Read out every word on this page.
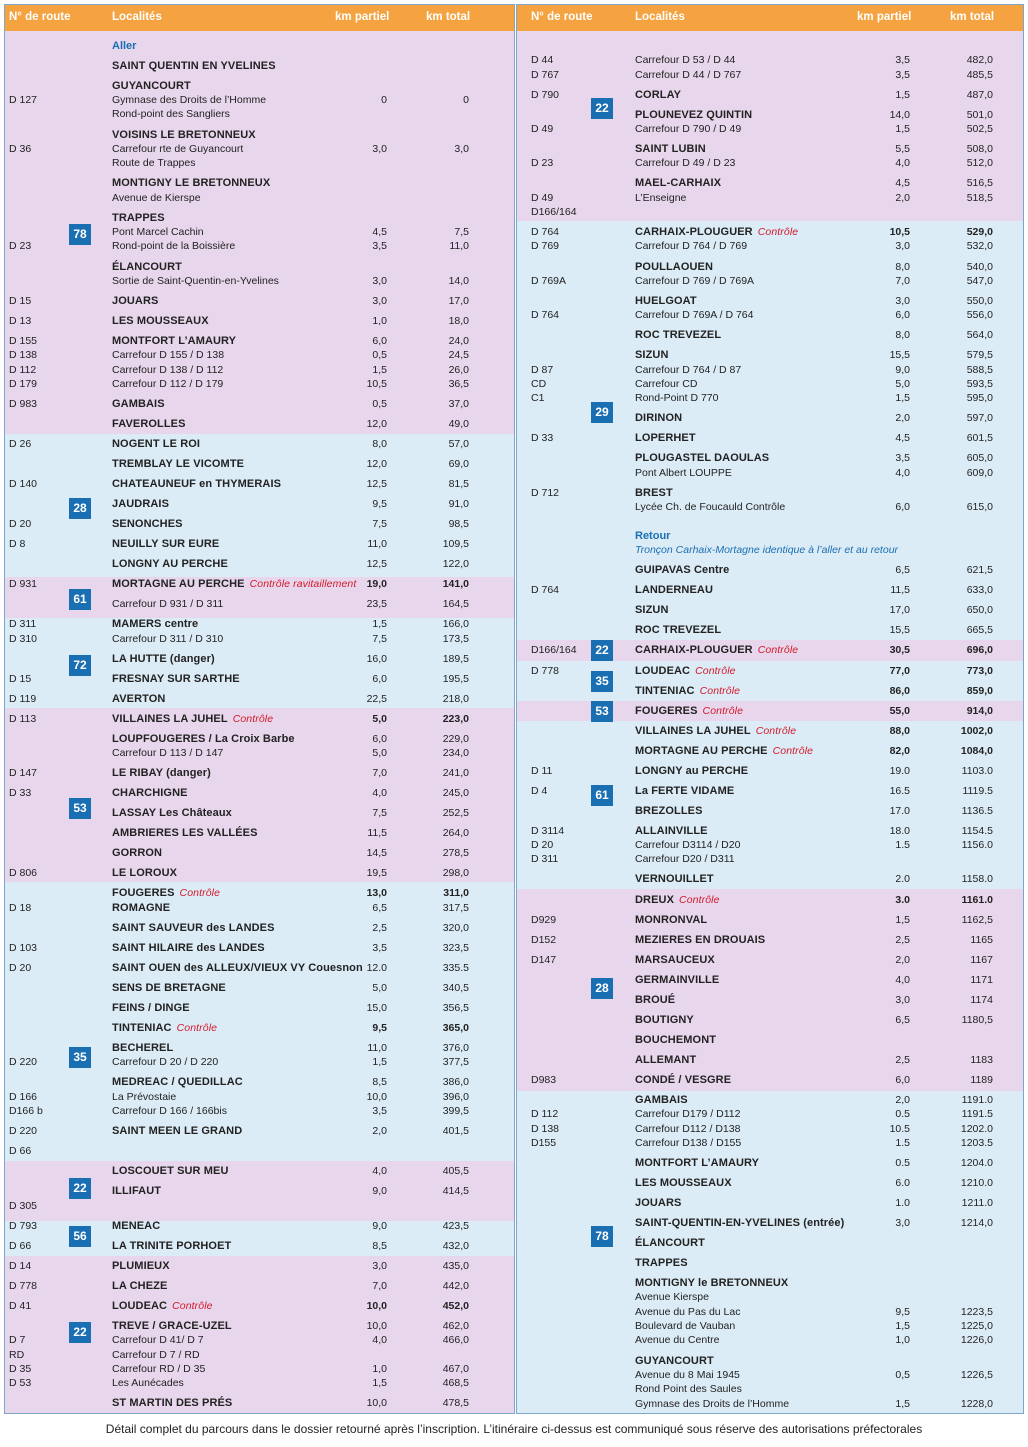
N° de route	Localités	km partiel	km total
78
28
61
72
53
35
22
56
22
Aller
SAINT QUENTIN EN YVELINES
GUYANCOURT
D 127	Gymnase des Droits de l’Homme	0	0
Rond-point des Sangliers
VOISINS LE BRETONNEUX
D 36	Carrefour rte de Guyancourt	3,0	3,0
Route de Trappes
MONTIGNY LE BRETONNEUX
Avenue de Kierspe
TRAPPES
Pont Marcel Cachin	4,5	7,5
D 23	Rond-point de la Boissière	3,5	11,0
ÉLANCOURT
Sortie de Saint-Quentin-en-Yvelines	3,0	14,0
D 15	JOUARS	3,0	17,0
D 13	LES MOUSSEAUX	1,0	18,0
D 155	MONTFORT L’AMAURY	6,0	24,0
D 138	Carrefour D 155 / D 138	0,5	24,5
D 112	Carrefour D 138 / D 112	1,5	26,0
D 179	Carrefour D 112 / D 179	10,5	36,5
D 983	GAMBAIS	0,5	37,0
FAVEROLLES	12,0	49,0
D 26	NOGENT LE ROI	8,0	57,0
TREMBLAY LE VICOMTE	12,0	69,0
D 140	CHATEAUNEUF en THYMERAIS	12,5	81,5
JAUDRAIS	9,5	91,0
D 20	SENONCHES	7,5	98,5
D 8	NEUILLY SUR EURE	11,0	109,5
LONGNY AU PERCHE	12,5	122,0
D 931	MORTAGNE AU PERCHE Contrôle ravitaillement 19,0	141,0
Carrefour D 931 / D 311	23,5	164,5
D 311	MAMERS centre	1,5	166,0
D 310	Carrefour D 311 / D 310	7,5	173,5
LA HUTTE (danger)	16,0	189,5
D 15	FRESNAY SUR SARTHE	6,0	195,5
D 119	AVERTON	22,5	218,0
D 113	VILLAINES LA JUHEL Contrôle	5,0	223,0
LOUPFOUGERES / La Croix Barbe	6,0	229,0
Carrefour D 113 / D 147	5,0	234,0
D 147	LE RIBAY (danger)	7,0	241,0
D 33	CHARCHIGNE	4,0	245,0
LASSAY Les Châteaux	7,5	252,5
AMBRIERES LES VALLÉES	11,5	264,0
GORRON	14,5	278,5
D 806	LE LOROUX	19,5	298,0
FOUGERES Contrôle	13,0	311,0
D 18	ROMAGNE	6,5	317,5
SAINT SAUVEUR des LANDES	2,5	320,0
D 103	SAINT HILAIRE des LANDES	3,5	323,5
D 20	SAINT OUEN des ALLEUX/VIEUX VY Couesnon 12.0	335.5
SENS DE BRETAGNE	5,0	340,5
FEINS / DINGE	15,0	356,5
TINTENIAC Contrôle	9,5	365,0
BECHEREL	11,0	376,0
D 220	Carrefour D 20 / D 220	1,5	377,5
MEDREAC / QUEDILLAC	8,5	386,0
D 166	La Prévostaie	10,0	396,0
D166 b	Carrefour D 166 / 166bis	3,5	399,5
D 220	SAINT MEEN LE GRAND	2,0	401,5
D 66
LOSCOUET SUR MEU	4,0	405,5
ILLIFAUT	9,0	414,5
D 305
D 793	MENEAC	9,0	423,5
D 66	LA TRINITE PORHOET	8,5	432,0
D 14	PLUMIEUX	3,0	435,0
D 778	LA CHEZE	7,0	442,0
D 41	LOUDEAC Contrôle	10,0	452,0
TREVE / GRACE-UZEL	10,0	462,0
D 7	Carrefour D 41/ D 7	4,0	466,0
RD	Carrefour D 7 / RD
D 35	Carrefour RD / D 35	1,0	467,0
D 53	Les Aunécades	1,5	468,5
ST MARTIN DES PRÉS	10,0	478,5
N° de route	Localités	km partiel	km total
22
29
22
35
53
61
28
78
D 44	Carrefour D 53 / D 44	3,5	482,0
D 767	Carrefour D 44 / D 767	3,5	485,5
D 790	CORLAY	1,5	487,0
PLOUNEVEZ QUINTIN	14,0	501,0
D 49	Carrefour D 790 / D 49	1,5	502,5
SAINT LUBIN	5,5	508,0
D 23	Carrefour D 49 / D 23	4,0	512,0
MAEL-CARHAIX	4,5	516,5
D 49	L’Enseigne	2,0	518,5
D166/164
D 764	CARHAIX-PLOUGUER Contrôle	10,5	529,0
D 769	Carrefour D 764 / D 769	3,0	532,0
POULLAOUEN	8,0	540,0
D 769A	Carrefour D 769 / D 769A	7,0	547,0
HUELGOAT	3,0	550,0
D 764	Carrefour D 769A / D 764	6,0	556,0
ROC TREVEZEL	8,0	564,0
SIZUN	15,5	579,5
D 87	Carrefour D 764 / D 87	9,0	588,5
CD	Carrefour CD	5,0	593,5
C1	Rond-Point D 770	1,5	595,0
DIRINON	2,0	597,0
D 33	LOPERHET	4,5	601,5
PLOUGASTEL DAOULAS	3,5	605,0
Pont Albert LOUPPE	4,0	609,0
D 712	BREST
Lycée Ch. de Foucauld Contrôle	6,0	615,0
Retour
Tronçon Carhaix-Mortagne identique à l’aller et au retour
GUIPAVAS Centre	6,5	621,5
D 764	LANDERNEAU	11,5	633,0
SIZUN	17,0	650,0
ROC TREVEZEL	15,5	665,5
D166/164	CARHAIX-PLOUGUER Contrôle	30,5	696,0
D 778	LOUDEAC Contrôle	77,0	773,0
TINTENIAC Contrôle	86,0	859,0
FOUGERES Contrôle	55,0	914,0
VILLAINES LA JUHEL Contrôle	88,0	1002,0
MORTAGNE AU PERCHE Contrôle	82,0	1084,0
D 11	LONGNY au PERCHE	19.0	1103.0
D 4	La FERTE VIDAME	16.5	1119.5
BREZOLLES	17.0	1136.5
D 3114	ALLAINVILLE	18.0	1154.5
D 20	Carrefour D3114 / D20	1.5	1156.0
D 311	Carrefour D20 / D311
VERNOUILLET	2.0	1158.0
DREUX Contrôle	3.0	1161.0
D929	MONRONVAL	1,5	1162,5
D152	MEZIERES EN DROUAIS	2,5	1165
D147	MARSAUCEUX	2,0	1167
GERMAINVILLE	4,0	1171
BROUÉ	3,0	1174
BOUTIGNY	6,5	1180,5
BOUCHEMONT
ALLEMANT	2,5	1183
D983	CONDÉ / VESGRE	6,0	1189
GAMBAIS	2,0	1191.0
D 112	Carrefour D179 / D112	0.5	1191.5
D 138	Carrefour D112 / D138	10.5	1202.0
D155	Carrefour D138 / D155	1.5	1203.5
MONTFORT L’AMAURY	0.5	1204.0
LES MOUSSEAUX	6.0	1210.0
JOUARS	1.0	1211.0
SAINT-QUENTIN-EN-YVELINES (entrée)	3,0	1214,0
ÉLANCOURT
TRAPPES
MONTIGNY le BRETONNEUX
Avenue Kierspe
Avenue du Pas du Lac	9,5	1223,5
Boulevard de Vauban	1,5	1225,0
Avenue du Centre	1,0	1226,0
GUYANCOURT
Avenue du 8 Mai 1945	0,5	1226,5
Rond Point des Saules
Gymnase des Droits de l’Homme	1,5	1228,0
Détail complet du parcours dans le dossier retourné après l’inscription. L’itinéraire ci-dessus est communiqué sous réserve des autorisations préfectorales
